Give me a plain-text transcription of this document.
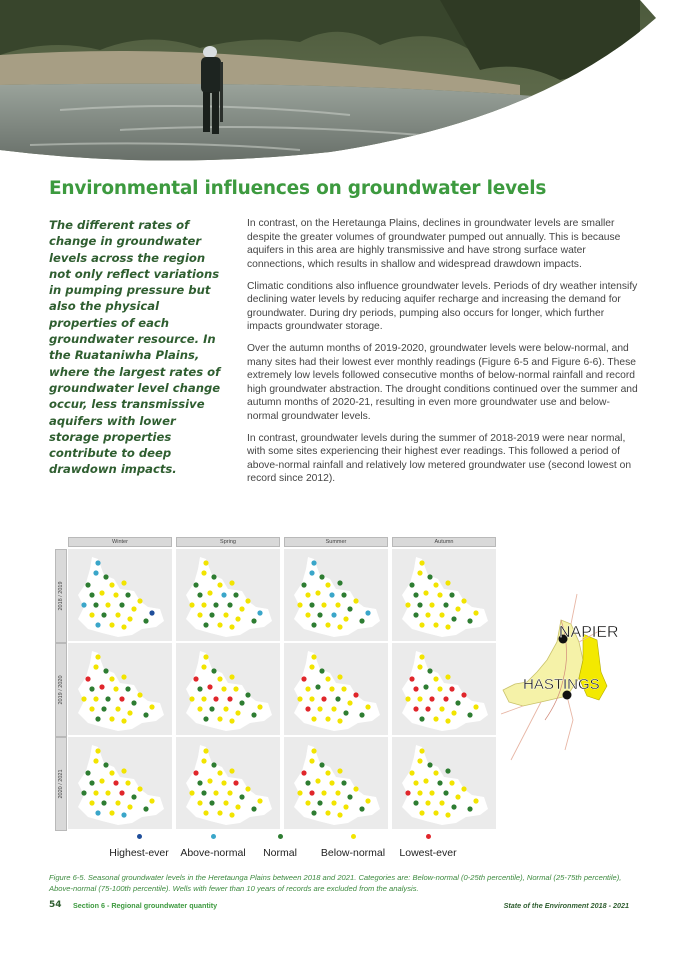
Environmental influences on groundwater levels
The different rates of change in groundwater levels across the region not only reflect variations in pumping pressure but also the physical properties of each groundwater resource. In the Ruataniwha Plains, where the largest rates of groundwater level change occur, less transmissive aquifers with lower storage properties contribute to deep drawdown impacts.

In contrast, on the Heretaunga Plains, declines in groundwater levels are smaller despite the greater volumes of groundwater pumped out annually. This is because aquifers in this area are highly transmissive and have strong surface water connections, which results in shallow and widespread drawdown impacts.

Climatic conditions also influence groundwater levels. Periods of dry weather intensify declining water levels by reducing aquifer recharge and increasing the demand for groundwater. During dry periods, pumping also occurs for longer, which further impacts groundwater storage.

Over the autumn months of 2019-2020, groundwater levels were below-normal, and many sites had their lowest ever monthly readings (Figure 6-5 and Figure 6-6). These extremely low levels followed consecutive months of below-normal rainfall and record high groundwater abstraction. The drought conditions continued over the summer and autumn months of 2020-21, resulting in even more groundwater use and below-normal groundwater levels.

In contrast, groundwater levels during the summer of 2018-2019 were near normal, with some sites experiencing their highest ever readings. This followed a period of above-normal rainfall and relatively low metered groundwater use (second lowest on record since 2012).

Winter	Spring	Summer	Autumn
2018 / 2019
2019 / 2020
2020 / 2021
NAPIER
HASTINGS
Highest-ever	Above-normal	Normal	Below-normal	Lowest-ever

Figure 6-5. Seasonal groundwater levels in the Heretaunga Plains between 2018 and 2021. Categories are: Below-normal (0-25th percentile), Normal (25-75th percentile), Above-normal (75-100th percentile). Wells with fewer than 10 years of records are excluded from the analysis.

54 Section 6 - Regional groundwater quantity	State of the Environment 2018 - 2021
